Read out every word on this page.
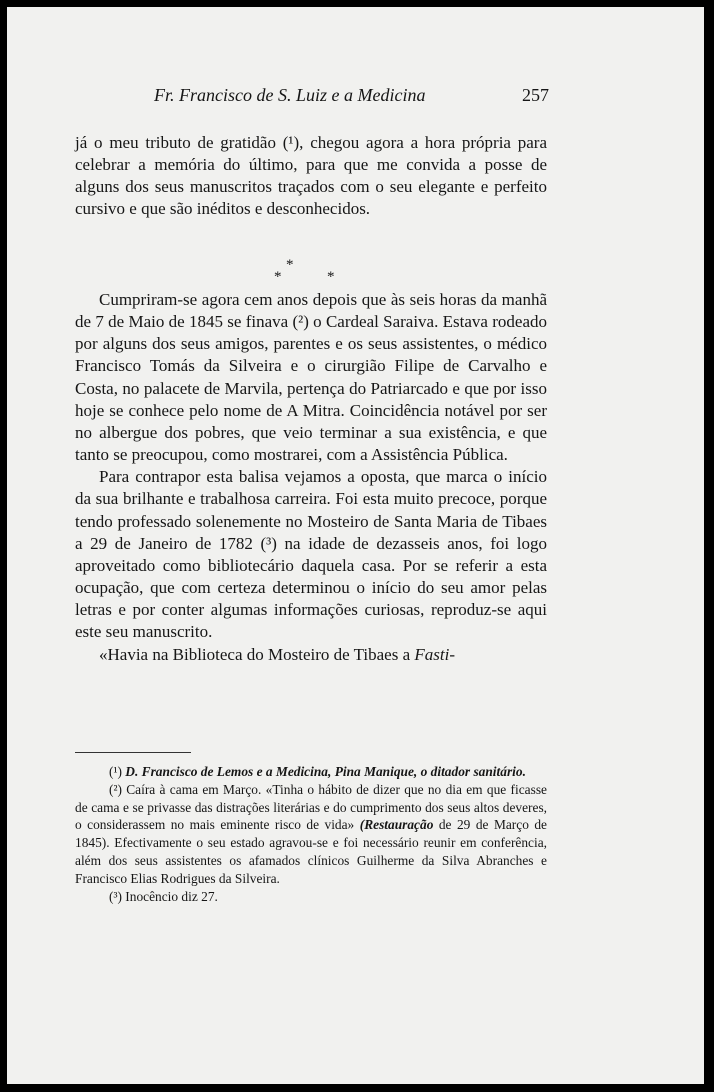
Fr. Francisco de S. Luiz e a Medicina	257
já o meu tributo de gratidão (¹), chegou agora a hora própria para celebrar a memória do último, para que me convida a posse de alguns dos seus manuscritos traçados com o seu elegante e perfeito cursivo e que são inéditos e desconhecidos.
*
*	*
Cumpriram-se agora cem anos depois que às seis horas da manhã de 7 de Maio de 1845 se finava (²) o Cardeal Saraiva. Estava rodeado por alguns dos seus amigos, parentes e os seus assistentes, o médico Francisco Tomás da Silveira e o cirurgião Filipe de Carvalho e Costa, no palacete de Marvila, pertença do Patriarcado e que por isso hoje se conhece pelo nome de A Mitra. Coincidência notável por ser no albergue dos pobres, que veio terminar a sua existência, e que tanto se preocupou, como mostrarei, com a Assistência Pública.
Para contrapor esta balisa vejamos a oposta, que marca o início da sua brilhante e trabalhosa carreira. Foi esta muito precoce, porque tendo professado solenemente no Mosteiro de Santa Maria de Tibaes a 29 de Janeiro de 1782 (³) na idade de dezasseis anos, foi logo aproveitado como bibliotecário daquela casa. Por se referir a esta ocupação, que com certeza determinou o início do seu amor pelas letras e por conter algumas informações curiosas, reproduz-se aqui este seu manuscrito.
«Havia na Biblioteca do Mosteiro de Tibaes a Fasti-

(¹) D. Francisco de Lemos e a Medicina, Pina Manique, o ditador sanitário.

(²) Caíra à cama em Março. «Tinha o hábito de dizer que no dia em que ficasse de cama e se privasse das distrações literárias e do cumprimento dos seus altos deveres, o considerassem no mais eminente risco de vida» (Restauração de 29 de Março de 1845). Efectivamente o seu estado agravou-se e foi necessário reunir em conferência, além dos seus assistentes os afamados clínicos Guilherme da Silva Abranches e Francisco Elias Rodrigues da Silveira.

(³) Inocêncio diz 27.
